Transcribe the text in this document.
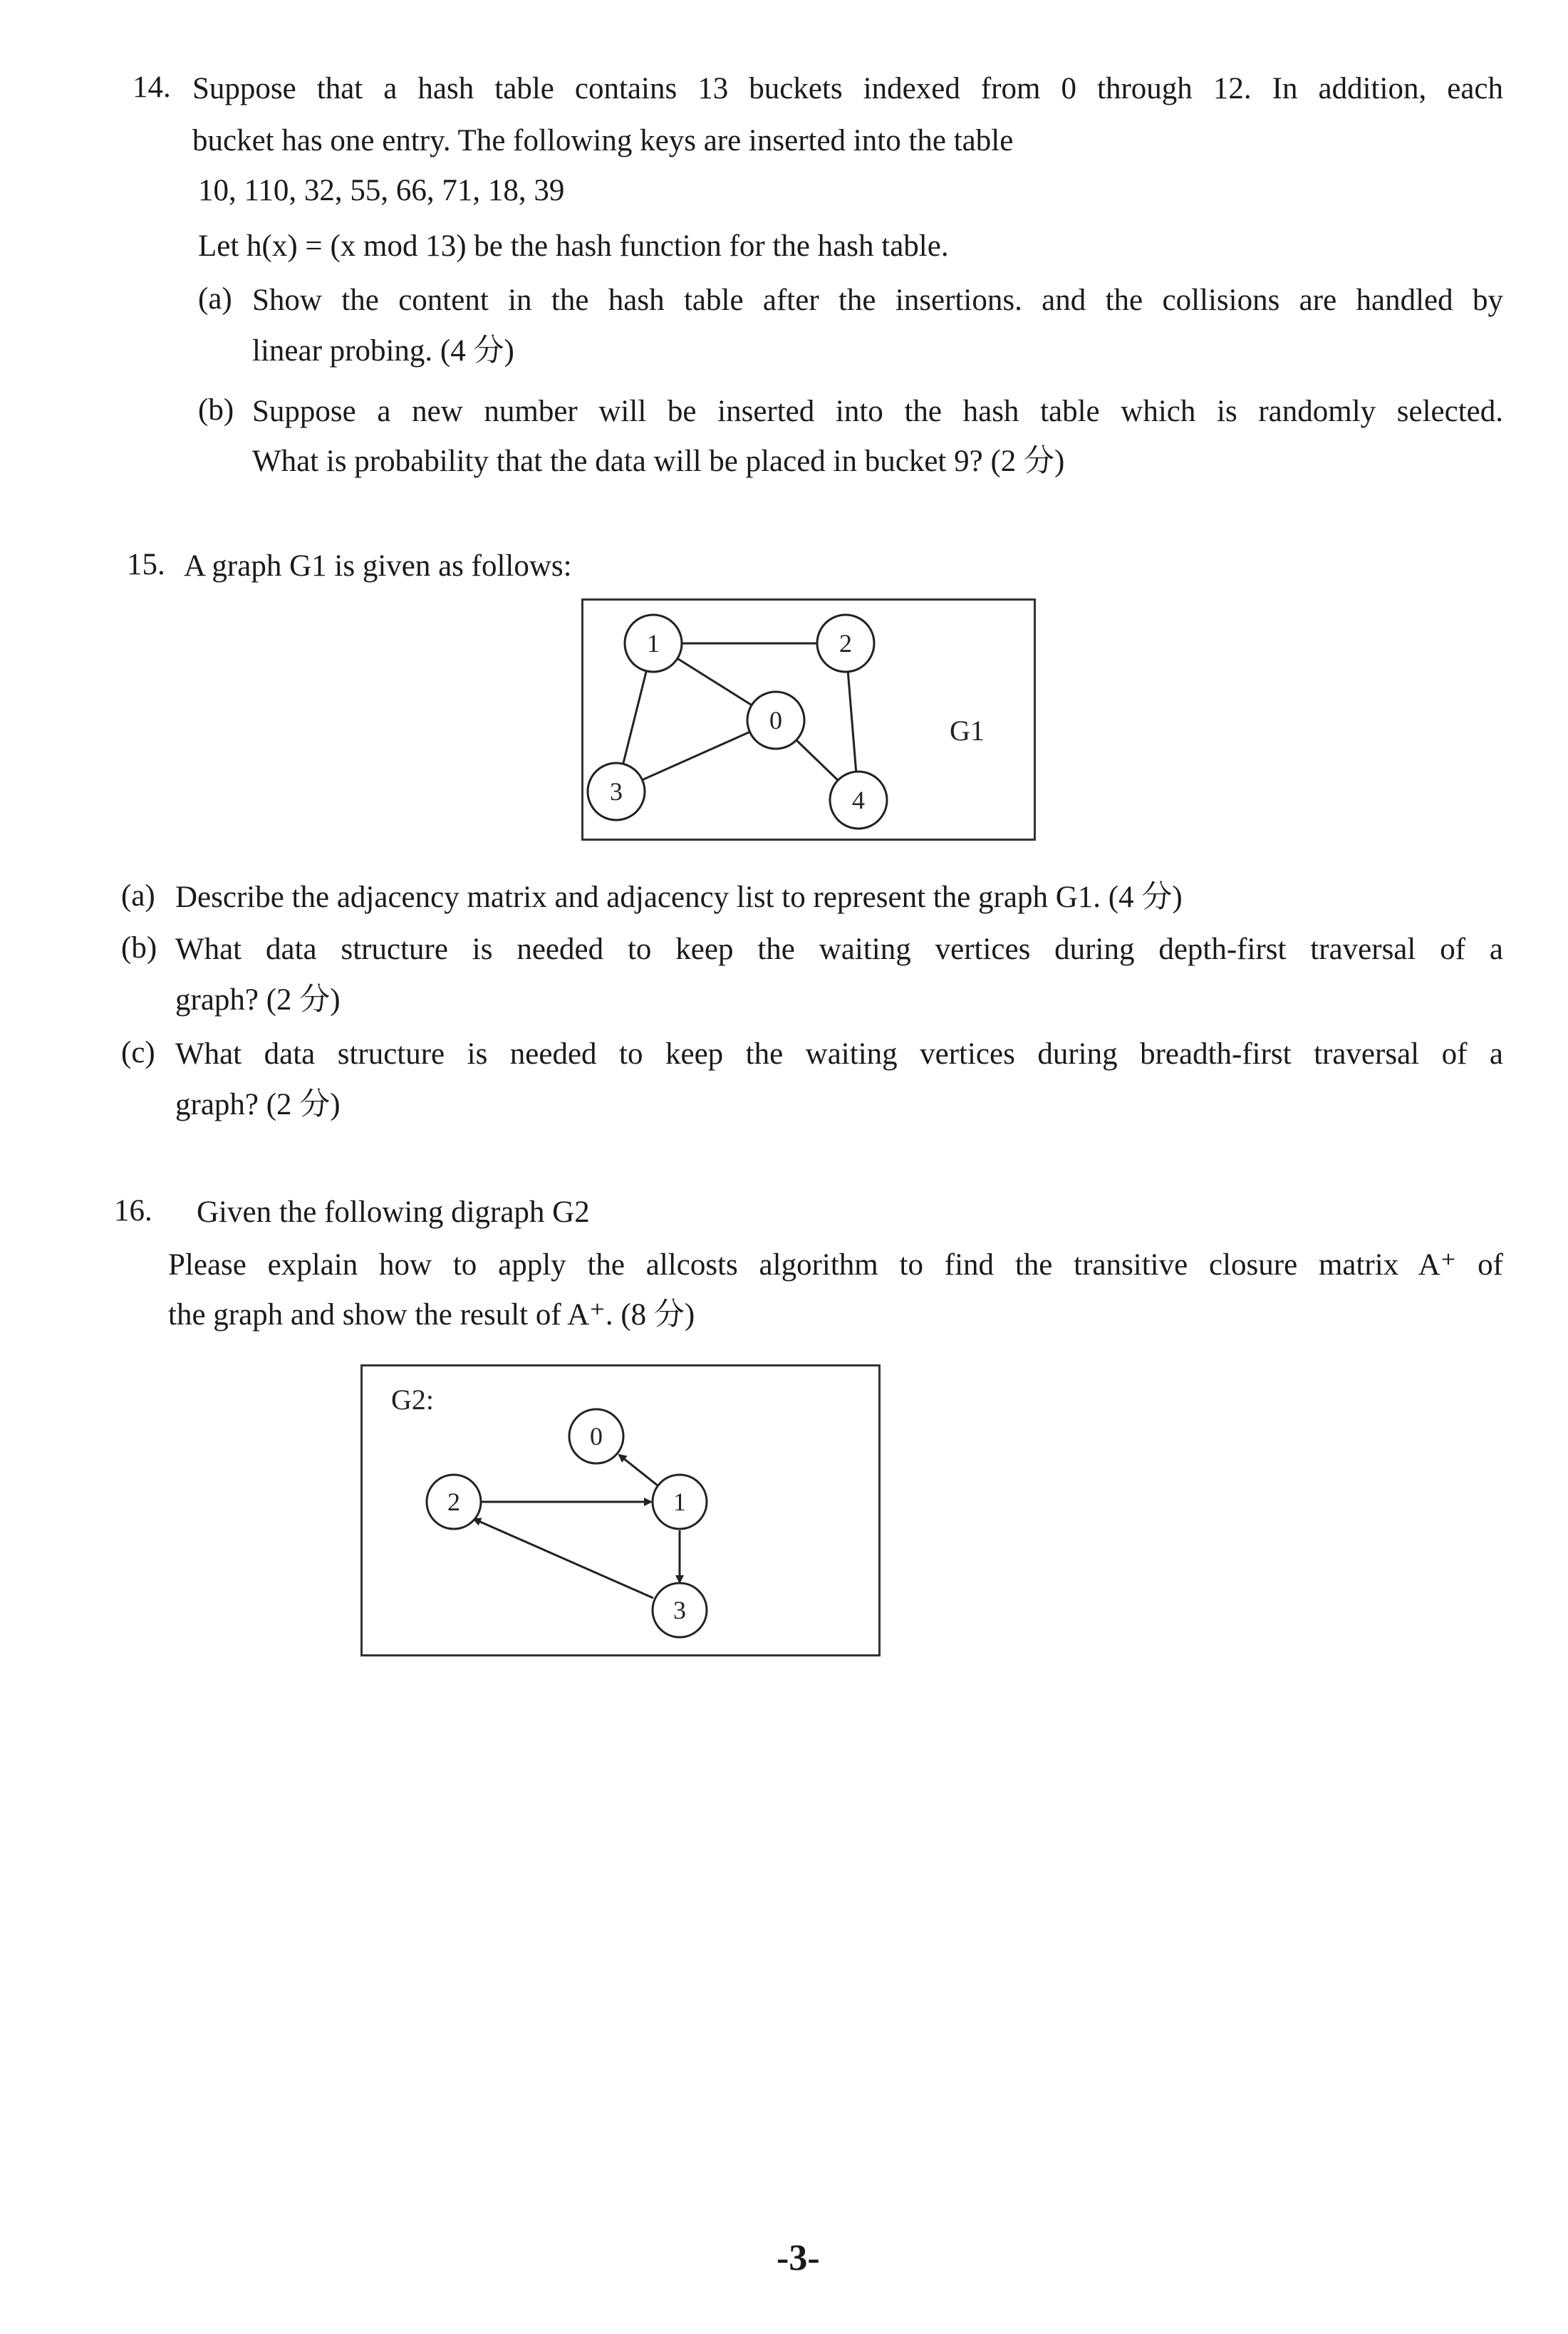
14. Suppose that a hash table contains 13 buckets indexed from 0 through 12. In addition, each
bucket has one entry. The following keys are inserted into the table
10, 110, 32, 55, 66, 71, 18, 39
Let h(x) = (x mod 13) be the hash function for the hash table.
(a) Show the content in the hash table after the insertions. and the collisions are handled by
linear probing. (4 分)
(b) Suppose a new number will be inserted into the hash table which is randomly selected.
What is probability that the data will be placed in bucket 9? (2 分)
15. A graph G1 is given as follows:
1	2
0
3	4
G1
(a) Describe the adjacency matrix and adjacency list to represent the graph G1. (4 分)
(b) What data structure is needed to keep the waiting vertices during depth-first traversal of a
graph? (2 分)
(c) What data structure is needed to keep the waiting vertices during breadth-first traversal of a
graph? (2 分)
16. Given the following digraph G2
Please explain how to apply the allcosts algorithm to find the transitive closure matrix A⁺ of
the graph and show the result of A⁺. (8 分)
G2:
0
2	1
3
-3-
